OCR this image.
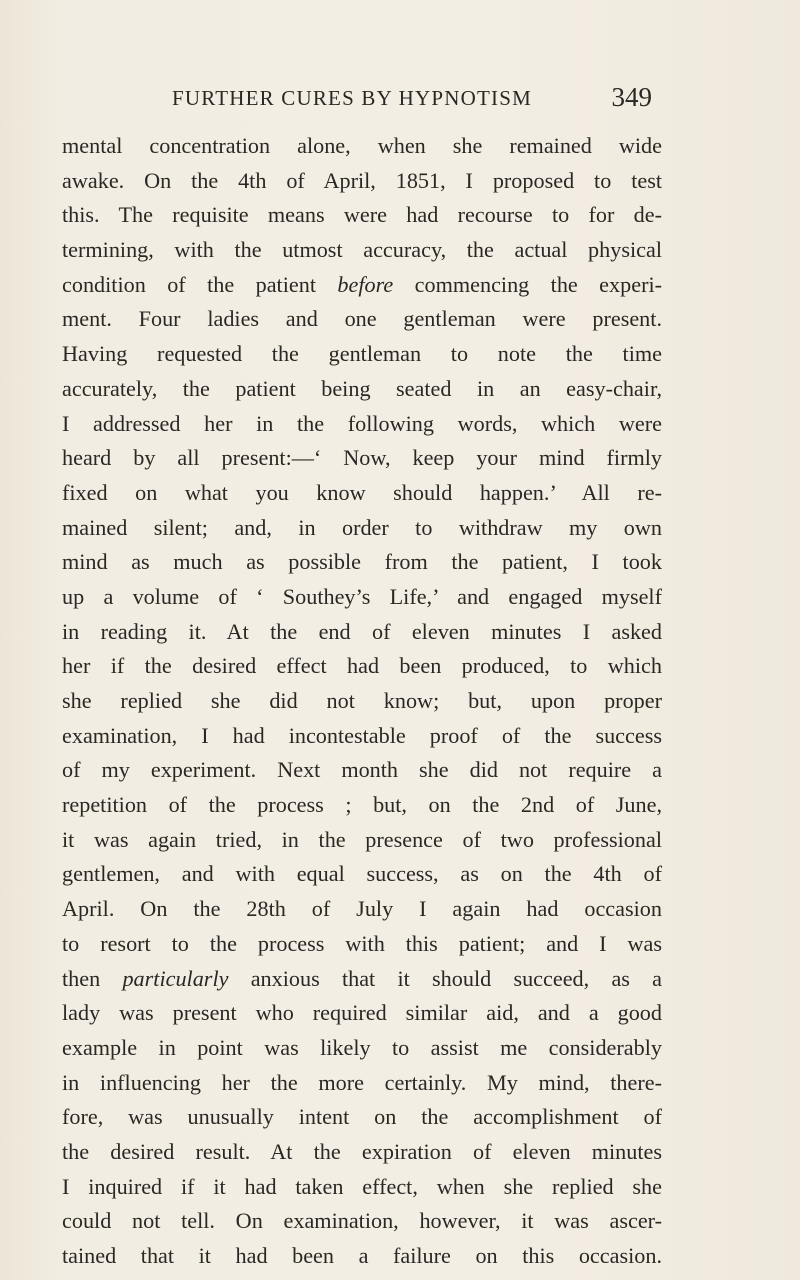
FURTHER CURES BY HYPNOTISM	349
mental concentration alone, when she remained wide
awake. On the 4th of April, 1851, I proposed to test
this. The requisite means were had recourse to for de-
termining, with the utmost accuracy, the actual physical
condition of the patient before commencing the experi-
ment. Four ladies and one gentleman were present.
Having requested the gentleman to note the time
accurately, the patient being seated in an easy-chair,
I addressed her in the following words, which were
heard by all present:—‘ Now, keep your mind firmly
fixed on what you know should happen.’ All re-
mained silent; and, in order to withdraw my own
mind as much as possible from the patient, I took
up a volume of ‘ Southey’s Life,’ and engaged myself
in reading it. At the end of eleven minutes I asked
her if the desired effect had been produced, to which
she replied she did not know; but, upon proper
examination, I had incontestable proof of the success
of my experiment. Next month she did not require a
repetition of the process ; but, on the 2nd of June,
it was again tried, in the presence of two professional
gentlemen, and with equal success, as on the 4th of
April. On the 28th of July I again had occasion
to resort to the process with this patient; and I was
then particularly anxious that it should succeed, as a
lady was present who required similar aid, and a good
example in point was likely to assist me considerably
in influencing her the more certainly. My mind, there-
fore, was unusually intent on the accomplishment of
the desired result. At the expiration of eleven minutes
I inquired if it had taken effect, when she replied she
could not tell. On examination, however, it was ascer-
tained that it had been a failure on this occasion.
